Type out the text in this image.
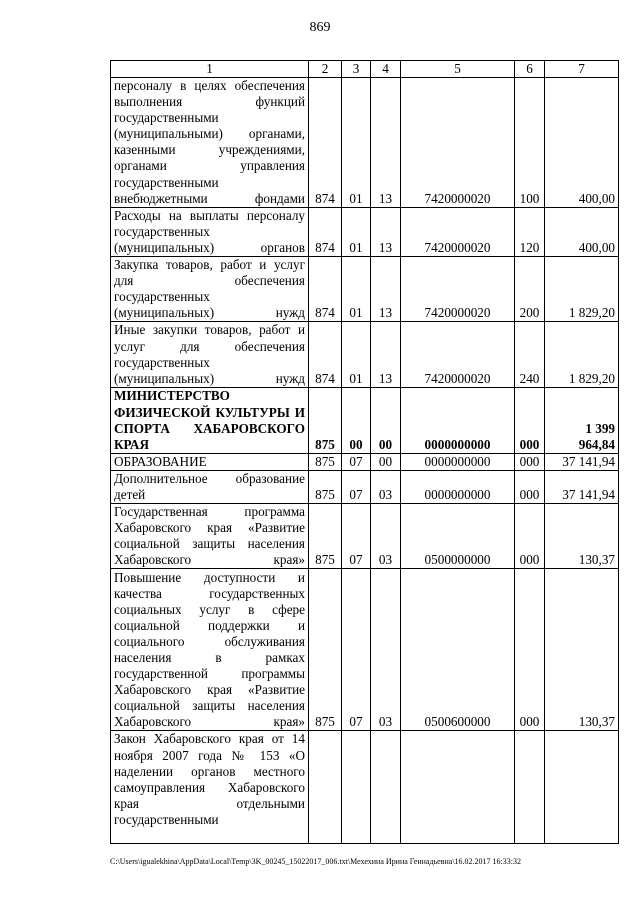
869
1	2	3	4	5	6	7
персоналу в целях обеспечения выполнения функций государственными (муниципальными) органами, казенными учреждениями, органами управления государственными внебюджетными фондами	874	01	13	7420000020	100	400,00
Расходы на выплаты персоналу государственных (муниципальных) органов	874	01	13	7420000020	120	400,00
Закупка товаров, работ и услуг для обеспечения государственных (муниципальных) нужд	874	01	13	7420000020	200	1 829,20
Иные закупки товаров, работ и услуг для обеспечения государственных (муниципальных) нужд	874	01	13	7420000020	240	1 829,20
МИНИСТЕРСТВО ФИЗИЧЕСКОЙ КУЛЬТУРЫ И СПОРТА ХАБАРОВСКОГО КРАЯ	875	00	00	0000000000	000	1 399 964,84
ОБРАЗОВАНИЕ	875	07	00	0000000000	000	37 141,94
Дополнительное образование детей	875	07	03	0000000000	000	37 141,94
Государственная программа Хабаровского края «Развитие социальной защиты населения Хабаровского края»	875	07	03	0500000000	000	130,37
Повышение доступности и качества государственных социальных услуг в сфере социальной поддержки и социального обслуживания населения в рамках государственной программы Хабаровского края «Развитие социальной защиты населения Хабаровского края»	875	07	03	0500600000	000	130,37
Закон Хабаровского края от 14 ноября 2007 года № 153 «О наделении органов местного самоуправления Хабаровского края отдельными государственными						
C:\Users\igualekhina\AppData\Local\Temp\3K_00245_15022017_006.txt\Мехехина Ирина Геннадьевна\16.02.2017 16:33:32
